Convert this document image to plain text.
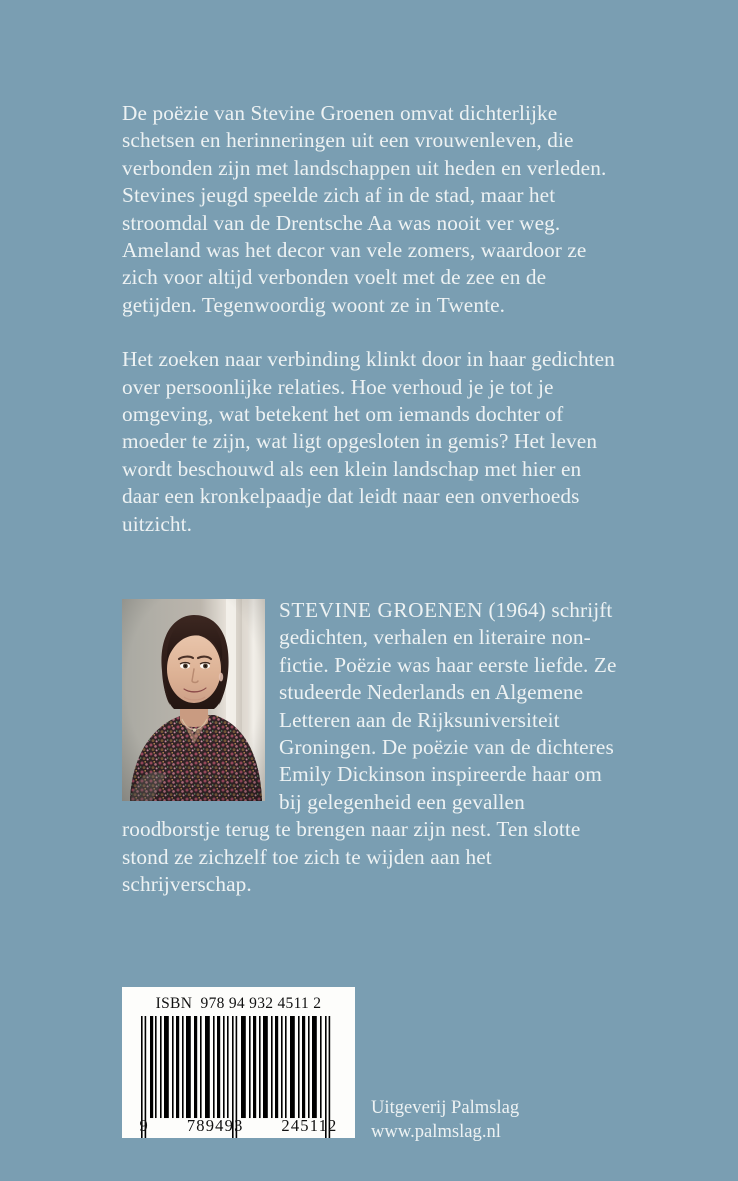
De poëzie van Stevine Groenen omvat dichterlijke schetsen en herinneringen uit een vrouwenleven, die verbonden zijn met landschappen uit heden en verleden. Stevines jeugd speelde zich af in de stad, maar het stroomdal van de Drentsche Aa was nooit ver weg. Ameland was het decor van vele zomers, waardoor ze zich voor altijd verbonden voelt met de zee en de getijden. Tegenwoordig woont ze in Twente.

Het zoeken naar verbinding klinkt door in haar gedichten over persoonlijke relaties. Hoe verhoud je je tot je omgeving, wat betekent het om iemands dochter of moeder te zijn, wat ligt opgesloten in gemis? Het leven wordt beschouwd als een klein landschap met hier en daar een kronkelpaadje dat leidt naar een onverhoeds uitzicht.

STEVINE GROENEN (1964) schrijft gedichten, verhalen en literaire non-fictie. Poëzie was haar eerste liefde. Ze studeerde Nederlands en Algemene Letteren aan de Rijksuniversiteit Groningen. De poëzie van de dichteres Emily Dickinson inspireerde haar om bij gelegenheid een gevallen roodborstje terug te brengen naar zijn nest. Ten slotte stond ze zichzelf toe zich te wijden aan het schrijverschap.

ISBN 978 94 932 4511 2
9 789493 245112
Uitgeverij Palmslag
www.palmslag.nl
